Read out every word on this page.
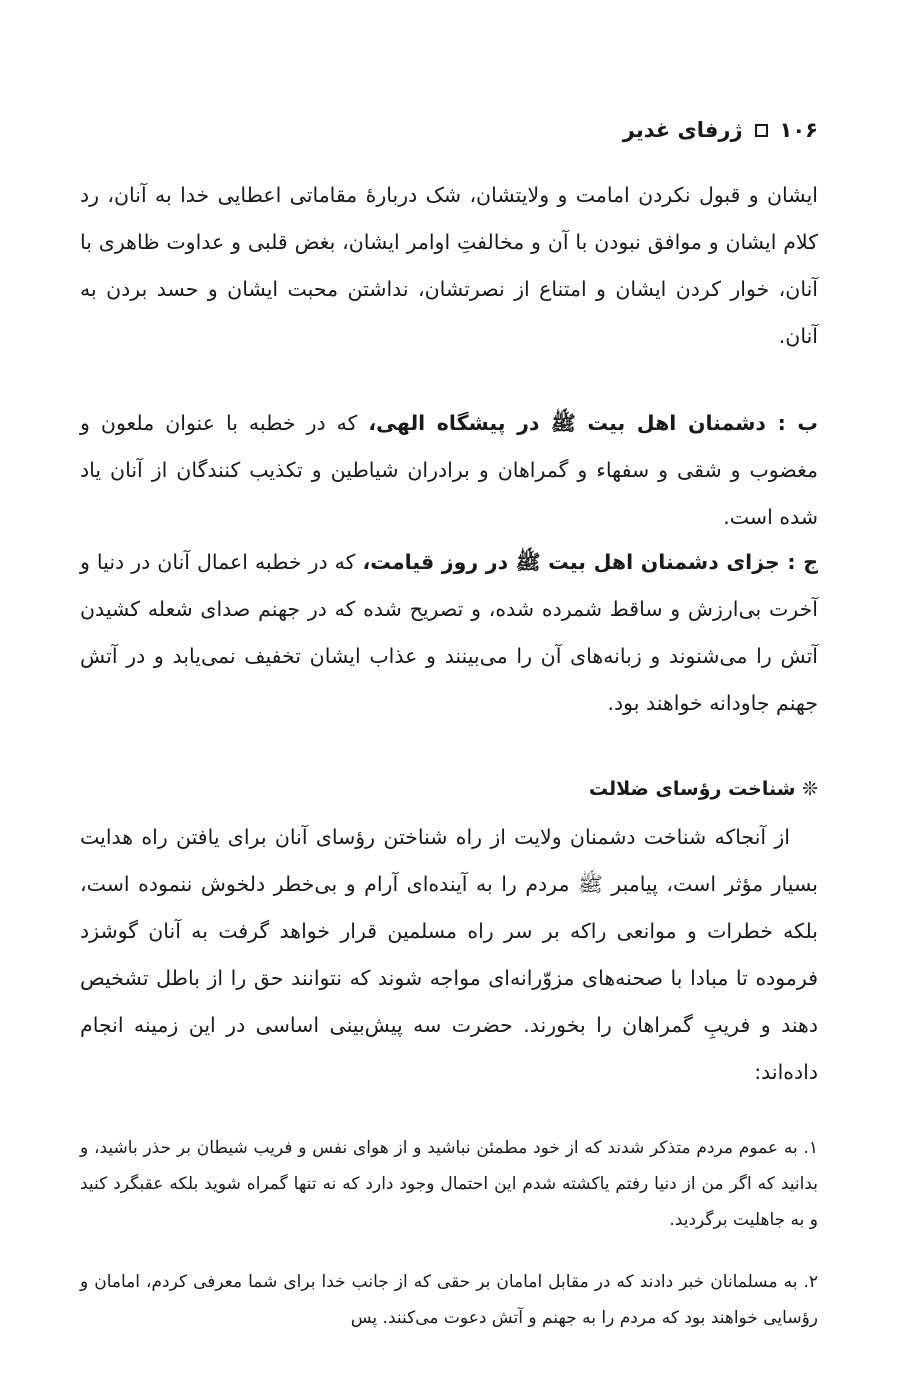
۱۰۶
ژرفای غدیر
ایشان و قبول نکردن امامت و ولایتشان، شک دربارۀ مقاماتی اعطایی خدا به آنان، رد کلام ایشان و موافق نبودن با آن و مخالفتِ اوامر ایشان، بغض قلبی و عداوت ظاهری با آنان، خوار کردن ایشان و امتناع از نصرتشان، نداشتن محبت ایشان و حسد بردن به آنان.
ب : دشمنان اهل بیت ﷺ در پیشگاه الهی، که در خطبه با عنوان ملعون و مغضوب و شقی و سفهاء و گمراهان و برادران شیاطین و تکذیب کنندگان از آنان یاد شده است.
ج : جزای دشمنان اهل بیت ﷺ در روز قیامت، که در خطبه اعمال آنان در دنیا و آخرت بی‌ارزش و ساقط شمرده شده، و تصریح شده که در جهنم صدای شعله کشیدن آتش را می‌شنوند و زبانه‌های آن را می‌بینند و عذاب ایشان تخفیف نمی‌یابد و در آتش جهنم جاودانه خواهند بود.
❊ شناخت رؤسای ضلالت
از آنجاکه شناخت دشمنان ولایت از راه شناختن رؤسای آنان برای یافتن راه هدایت بسیار مؤثر است، پیامبر ﷺ مردم را به آینده‌ای آرام و بی‌خطر دلخوش ننموده است، بلکه خطرات و موانعی راکه بر سر راه مسلمین قرار خواهد گرفت به آنان گوشزد فرموده تا مبادا با صحنه‌های مزوّرانه‌ای مواجه شوند که نتوانند حق را از باطل تشخیص دهند و فریبِ گمراهان را بخورند. حضرت سه پیش‌بینی اساسی در این زمینه انجام داده‌اند:
۱. به عموم مردم متذکر شدند که از خود مطمئن نباشید و از هوای نفس و فریب شیطان بر حذر باشید، و بدانید که اگر من از دنیا رفتم یاکشته شدم این احتمال وجود دارد که نه تنها گمراه شوید بلکه عقبگرد کنید و به جاهلیت برگردید.
۲. به مسلمانان خبر دادند که در مقابل امامان بر حقی که از جانب خدا برای شما معرفی کردم، امامان و رؤسایی خواهند بود که مردم را به جهنم و آتش دعوت می‌کنند. پس
